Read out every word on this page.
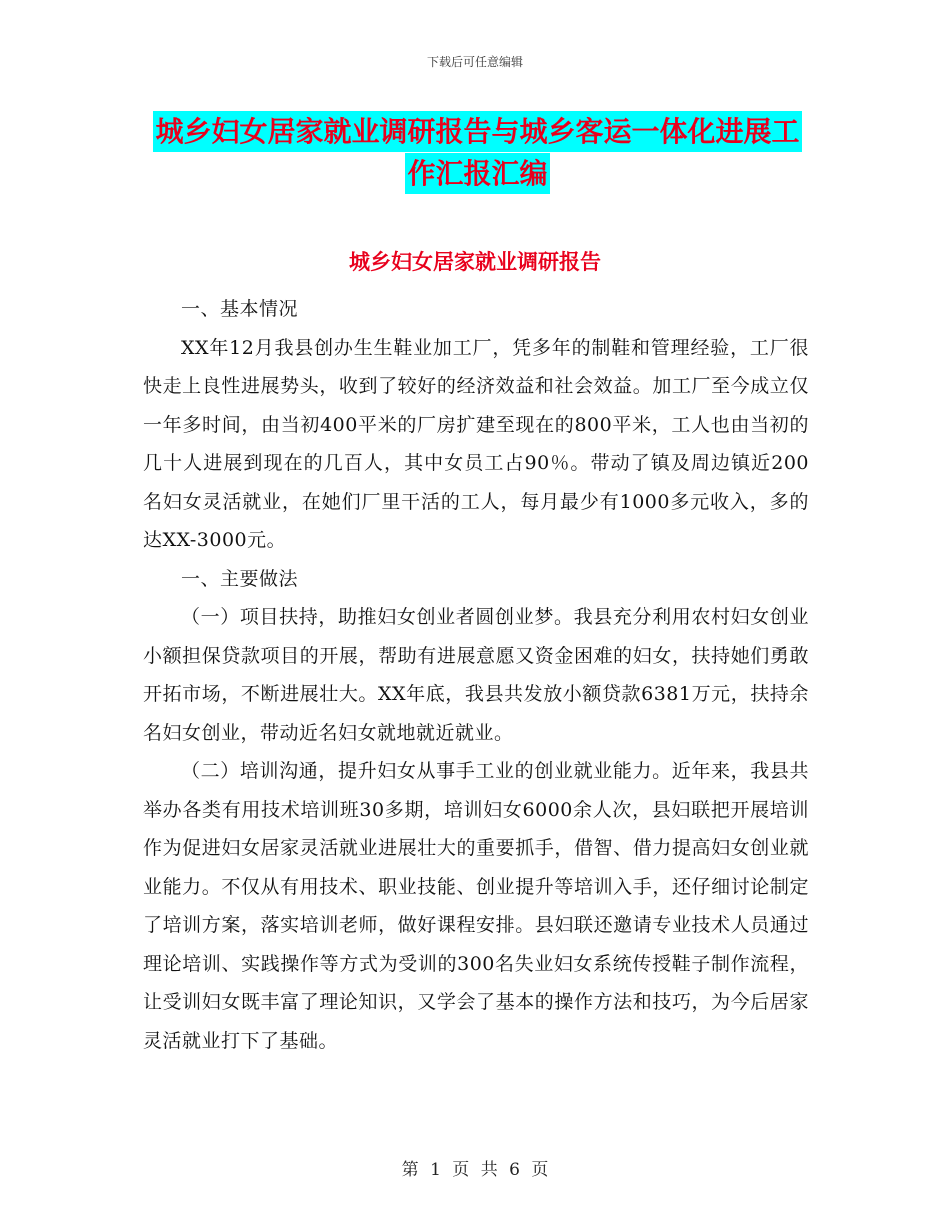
下载后可任意编辑
城乡妇女居家就业调研报告与城乡客运一体化进展工
作汇报汇编
城乡妇女居家就业调研报告

一、基本情况

XX年12月我县创办生生鞋业加工厂，凭多年的制鞋和管理经验，工厂很快走上良性进展势头，收到了较好的经济效益和社会效益。加工厂至今成立仅一年多时间，由当初400平米的厂房扩建至现在的800平米，工人也由当初的几十人进展到现在的几百人，其中女员工占90％。带动了镇及周边镇近200名妇女灵活就业，在她们厂里干活的工人，每月最少有1000多元收入，多的达XX-3000元。

一、主要做法

（一）项目扶持，助推妇女创业者圆创业梦。我县充分利用农村妇女创业小额担保贷款项目的开展，帮助有进展意愿又资金困难的妇女，扶持她们勇敢开拓市场，不断进展壮大。XX年底，我县共发放小额贷款6381万元，扶持余名妇女创业，带动近名妇女就地就近就业。

（二）培训沟通，提升妇女从事手工业的创业就业能力。近年来，我县共举办各类有用技术培训班30多期，培训妇女6000余人次，县妇联把开展培训作为促进妇女居家灵活就业进展壮大的重要抓手，借智、借力提高妇女创业就业能力。不仅从有用技术、职业技能、创业提升等培训入手，还仔细讨论制定了培训方案，落实培训老师，做好课程安排。县妇联还邀请专业技术人员通过理论培训、实践操作等方式为受训的300名失业妇女系统传授鞋子制作流程，让受训妇女既丰富了理论知识，又学会了基本的操作方法和技巧，为今后居家灵活就业打下了基础。

第 1 页 共 6 页
